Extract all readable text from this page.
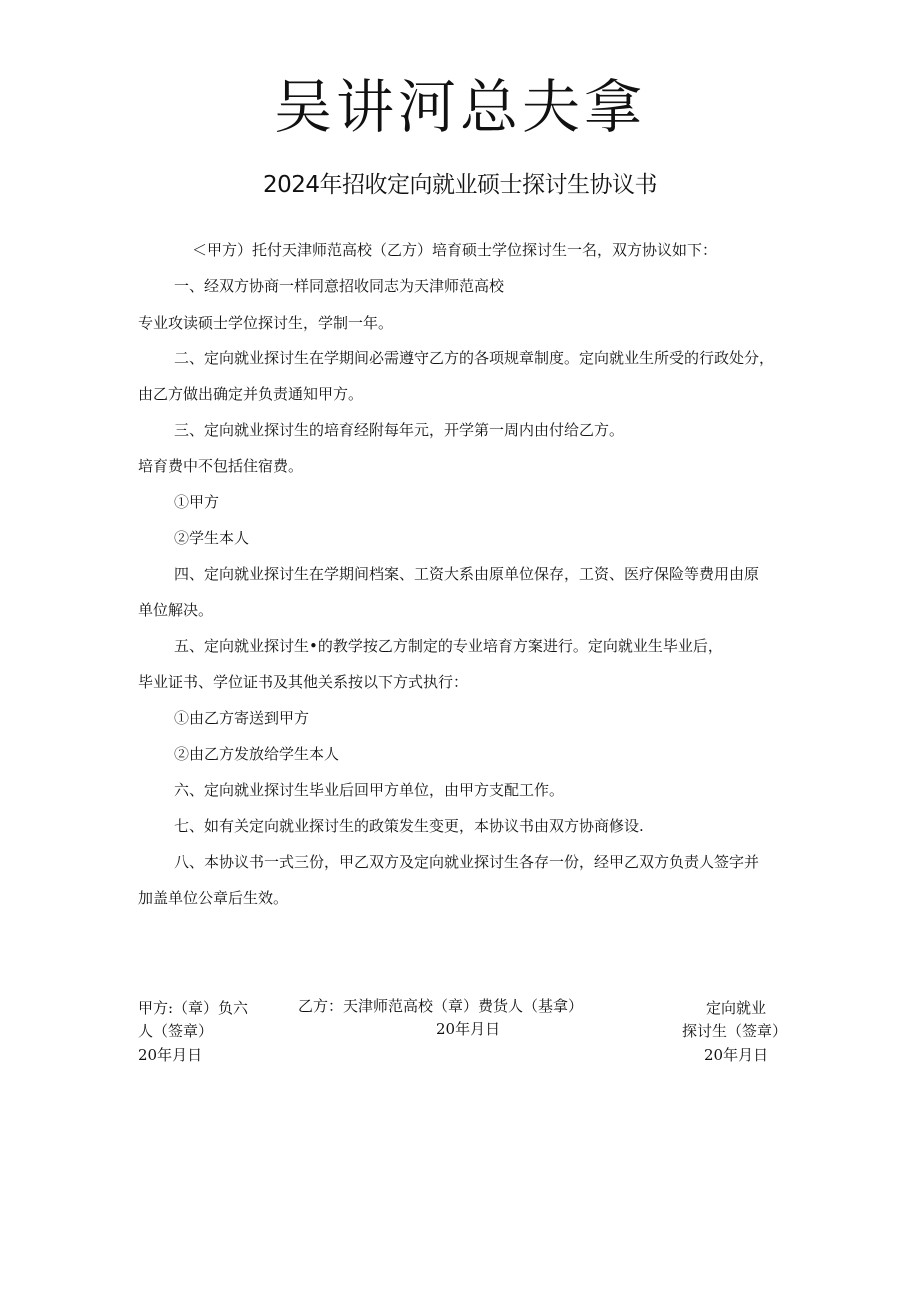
吴讲河总夫拿
2024年招收定向就业硕士探讨生协议书
＜甲方）托付天津师范高校（乙方）培育硕士学位探讨生一名，双方协议如下：
一、经双方协商一样同意招收同志为天津师范高校
专业攻读硕士学位探讨生，学制一年。
二、定向就业探讨生在学期间必需遵守乙方的各项规章制度。定向就业生所受的行政处分，
由乙方做出确定并负责通知甲方。
三、定向就业探讨生的培育经附每年元，开学第一周内由付给乙方。
培育费中不包括住宿费。
①甲方
②学生本人
四、定向就业探讨生在学期间档案、工资大系由原单位保存，工资、医疗保险等费用由原
单位解决。
五、定向就业探讨生•的教学按乙方制定的专业培育方案进行。定向就业生毕业后，
毕业证书、学位证书及其他关系按以下方式执行：
①由乙方寄送到甲方
②由乙方发放给学生本人
六、定向就业探讨生毕业后回甲方单位，由甲方支配工作。
七、如有关定向就业探讨生的政策发生变更，本协议书由双方协商修设.
八、本协议书一式三份，甲乙双方及定向就业探讨生各存一份，经甲乙双方负责人签字并
加盖单位公章后生效。
甲方:（章）负六
人（签章）
20年月日
乙方：天津师范高校（章）费货人（基拿）
20年月日
定向就业
探讨生（签章）
20年月日
